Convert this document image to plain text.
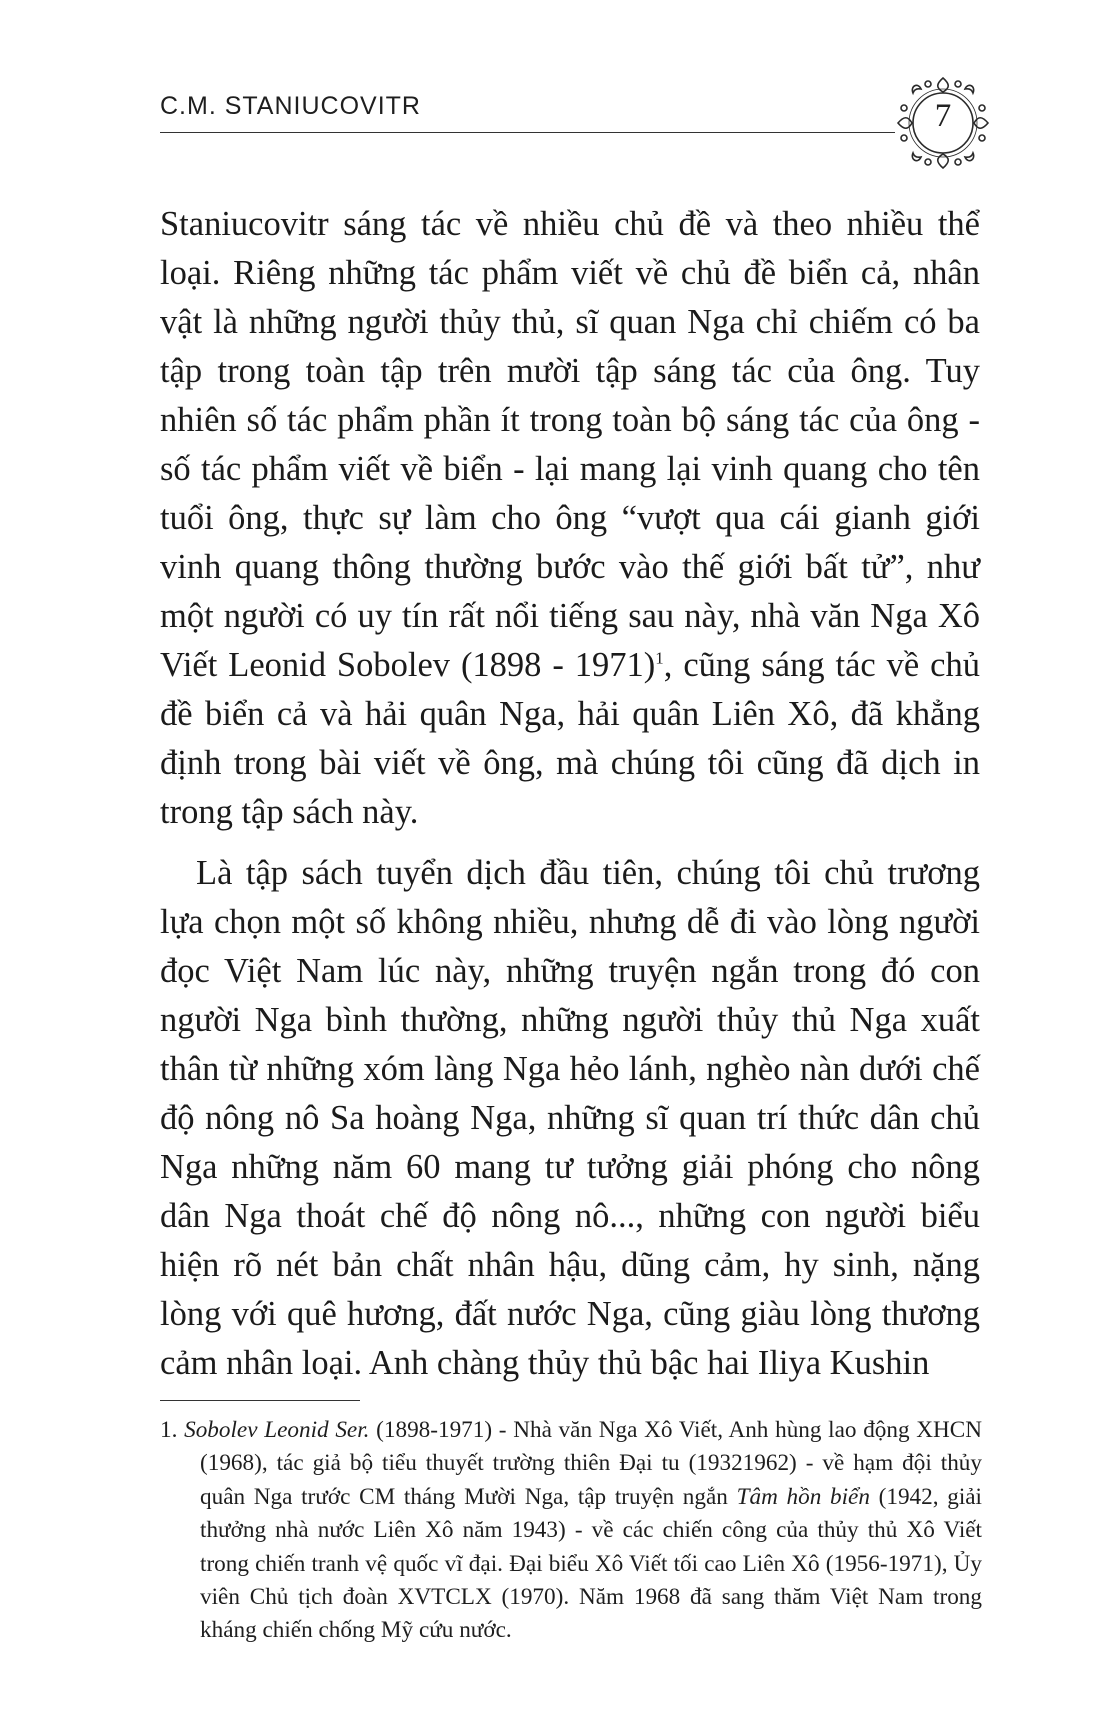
C.M. STANIUCOVITR	7

Staniucovitr sáng tác về nhiều chủ đề và theo nhiều thể loại. Riêng những tác phẩm viết về chủ đề biển cả, nhân vật là những người thủy thủ, sĩ quan Nga chỉ chiếm có ba tập trong toàn tập trên mười tập sáng tác của ông. Tuy nhiên số tác phẩm phần ít trong toàn bộ sáng tác của ông - số tác phẩm viết về biển - lại mang lại vinh quang cho tên tuổi ông, thực sự làm cho ông “vượt qua cái gianh giới vinh quang thông thường bước vào thế giới bất tử”, như một người có uy tín rất nổi tiếng sau này, nhà văn Nga Xô Viết Leonid Sobolev (1898 - 1971)$^1$, cũng sáng tác về chủ đề biển cả và hải quân Nga, hải quân Liên Xô, đã khẳng định trong bài viết về ông, mà chúng tôi cũng đã dịch in trong tập sách này.

Là tập sách tuyển dịch đầu tiên, chúng tôi chủ trương lựa chọn một số không nhiều, nhưng dễ đi vào lòng người đọc Việt Nam lúc này, những truyện ngắn trong đó con người Nga bình thường, những người thủy thủ Nga xuất thân từ những xóm làng Nga hẻo lánh, nghèo nàn dưới chế độ nông nô Sa hoàng Nga, những sĩ quan trí thức dân chủ Nga những năm 60 mang tư tưởng giải phóng cho nông dân Nga thoát chế độ nông nô..., những con người biểu hiện rõ nét bản chất nhân hậu, dũng cảm, hy sinh, nặng lòng với quê hương, đất nước Nga, cũng giàu lòng thương cảm nhân loại. Anh chàng thủy thủ bậc hai Iliya Kushin

1. Sobolev Leonid Ser. (1898-1971) - Nhà văn Nga Xô Viết, Anh hùng lao động XHCN (1968), tác giả bộ tiểu thuyết trường thiên Đại tu (19321962) - về hạm đội thủy quân Nga trước CM tháng Mười Nga, tập truyện ngắn Tâm hồn biển (1942, giải thưởng nhà nước Liên Xô năm 1943) - về các chiến công của thủy thủ Xô Viết trong chiến tranh vệ quốc vĩ đại. Đại biểu Xô Viết tối cao Liên Xô (1956-1971), Ủy viên Chủ tịch đoàn XVTCLX (1970). Năm 1968 đã sang thăm Việt Nam trong kháng chiến chống Mỹ cứu nước.
